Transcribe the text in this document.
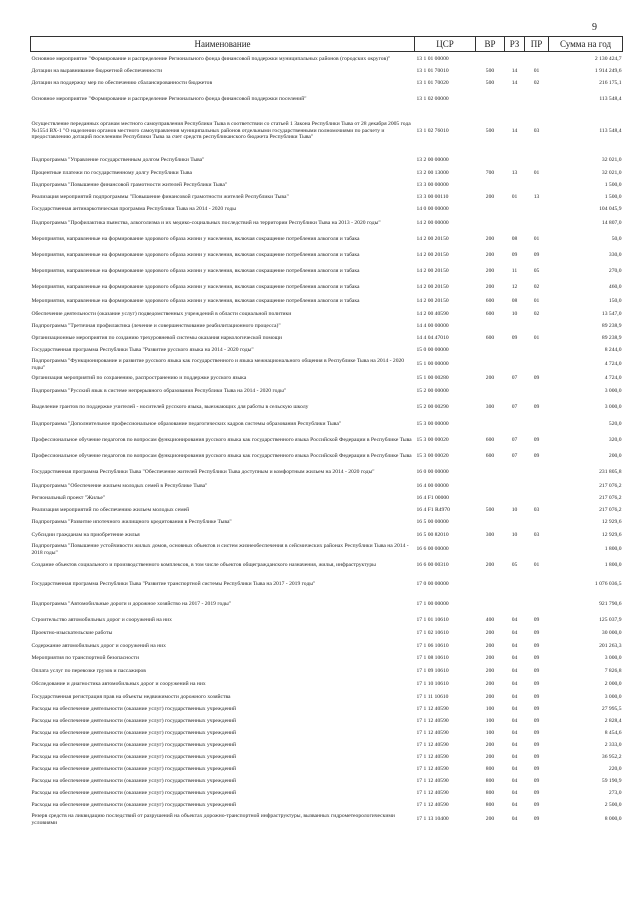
9
Наименование	ЦСР	ВР	РЗ	ПР	Сумма на год
Основное мероприятие "Формирование и распределение Регионального фонда финансовой поддержки муниципальных районов (городских округов)"	13 1 01 00000				2 130 424,7
Дотации на выравнивание бюджетной обеспеченности	13 1 01 70010	500	14	01	1 914 249,6
Дотации на поддержку мер по обеспечению сбалансированности бюджетов	13 1 01 70020	500	14	02	216 175,1
Основное мероприятие "Формирование и распределение Регионального фонда финансовой поддержки поселений"	13 1 02 00000				113 548,4
Осуществление переданных органам местного самоуправления Республики Тыва в соответствии со статьей 1 Закона Республики Тыва от 28 декабря 2005 года №1554 ВХ-1 "О наделении органов местного самоуправления муниципальных районов отдельными государственными полномочиями по расчету и предоставлению дотаций поселениям Республики Тыва за счет средств республиканского бюджета Республики Тыва"	13 1 02 76010	500	14	03	113 548,4
Подпрограмма "Управление государственным долгом Республики Тыва"	13 2 00 00000				32 021,0
Процентные платежи по государственному долгу Республики Тыва	13 2 00 13000	700	13	01	32 021,0
Подпрограмма "Повышение финансовой грамотности жителей Республики Тыва"	13 3 00 00000				1 500,0
Реализация мероприятий подпрограммы "Повышение финансовой грамотности жителей Республики Тыва"	13 3 00 00110	200	01	13	1 500,0
Государственная антинаркотическая программа Республики Тыва на 2014 - 2020 годы	14 0 00 00000				104 045,9
Подпрограмма "Профилактика пьянства, алкоголизма и их медико-социальных последствий на территории Республики Тыва на 2013 - 2020 годы"	14 2 00 00000				14 807,0
Мероприятия, направленные на формирование здорового образа жизни у населения, включая сокращение потребления алкоголя и табака	14 2 00 20150	200	08	01	50,0
Мероприятия, направленные на формирование здорового образа жизни у населения, включая сокращение потребления алкоголя и табака	14 2 00 20150	200	09	09	330,0
Мероприятия, направленные на формирование здорового образа жизни у населения, включая сокращение потребления алкоголя и табака	14 2 00 20150	200	11	05	270,0
Мероприятия, направленные на формирование здорового образа жизни у населения, включая сокращение потребления алкоголя и табака	14 2 00 20150	200	12	02	460,0
Мероприятия, направленные на формирование здорового образа жизни у населения, включая сокращение потребления алкоголя и табака	14 2 00 20150	600	08	01	150,0
Обеспечение деятельности (оказание услуг) подведомственных учреждений в области социальной политики	14 2 00 40590	600	10	02	13 547,0
Подпрограмма "Третичная профилактика (лечение и совершенствование реабилитационного процесса)"	14 4 00 00000				89 238,9
Организационные мероприятия по созданию трехуровневой системы оказания наркологической помощи	14 4 04 47010	600	09	01	89 238,9
Государственная программа Республики Тыва "Развитие русского языка на 2014 - 2020 годы"	15 0 00 00000				8 244,0
Подпрограмма "Функционирование и развитие русского языка как государственного и языка межнационального общения в Республике Тыва на 2014 - 2020 годы"	15 1 00 00000				4 724,0
Организация мероприятий по сохранению, распространению и поддержке русского языка	15 1 00 00280	200	07	09	4 724,0
Подпрограмма "Русский язык в системе непрерывного образования Республики Тыва на 2014 - 2020 годы"	15 2 00 00000				3 000,0
Выделение грантов по поддержке учителей - носителей русского языка, выезжающих для работы в сельскую школу	15 2 00 00290	300	07	09	3 000,0
Подпрограмма "Дополнительное профессиональное образование педагогических кадров системы образования Республики Тыва"	15 3 00 00000				520,0
Профессиональное обучение педагогов по вопросам функционирования русского языка как государственного языка Российской Федерации в Республике Тыва	15 3 00 00020	600	07	09	320,0
Профессиональное обучение педагогов по вопросам функционирования русского языка как государственного языка Российской Федерации в Республике Тыва	15 3 00 00020	600	07	09	200,0
Государственная программа Республики Тыва "Обеспечение жителей Республики Тыва доступным и комфортным жильем на 2014 - 2020 годы"	16 0 00 00000				231 805,8
Подпрограмма "Обеспечение жильем молодых семей в Республике Тыва"	16 4 00 00000				217 076,2
Региональный проект "Жилье"	16 4 F1 00000				217 076,2
Реализация мероприятий по обеспечению жильем молодых семей	16 4 F1 R4970	500	10	03	217 076,2
Подпрограмма "Развитие ипотечного жилищного кредитования в Республике Тыва"	16 5 00 00000				12 929,6
Субсидии гражданам на приобретение жилья	16 5 00 82010	300	10	03	12 929,6
Подпрограмма "Повышение устойчивости жилых домов, основных объектов и систем жизнеобеспечения в сейсмических районах Республики Тыва на 2014 - 2018 годы"	16 6 00 00000				1 800,0
Создание объектов социального и производственного комплексов, в том числе объектов общегражданского назначения, жилья, инфраструктуры	16 6 00 00310	200	05	01	1 800,0
Государственная программа Республики Тыва "Развитие транспортной системы Республики Тыва на 2017 - 2019 годы"	17 0 00 00000				1 076 036,5
Подпрограмма "Автомобильные дороги и дорожное хозяйство на 2017 - 2019 годы"	17 1 00 00000				921 790,6
Строительство автомобильных дорог и сооружений на них	17 1 01 10610	400	04	09	125 037,9
Проектно-изыскательские работы	17 1 02 10610	200	04	09	30 000,0
Содержание автомобильных дорог и сооружений на них	17 1 06 10610	200	04	09	201 263,3
Мероприятия по транспортной безопасности	17 1 08 10610	200	04	09	3 000,0
Оплата услуг по перевозке грузов и пассажиров	17 1 09 10610	200	04	09	7 826,8
Обследование и диагностика автомобильных дорог и сооружений на них	17 1 10 10610	200	04	09	2 000,0
Государственная регистрация прав на объекты недвижимости дорожного хозяйства	17 1 11 10610	200	04	09	3 000,0
Расходы на обеспечение деятельности (оказание услуг) государственных учреждений	17 1 12 40590	100	04	09	27 995,5
Расходы на обеспечение деятельности (оказание услуг) государственных учреждений	17 1 12 40590	100	04	09	2 828,4
Расходы на обеспечение деятельности (оказание услуг) государственных учреждений	17 1 12 40590	100	04	09	8 454,6
Расходы на обеспечение деятельности (оказание услуг) государственных учреждений	17 1 12 40590	200	04	09	2 333,0
Расходы на обеспечение деятельности (оказание услуг) государственных учреждений	17 1 12 40590	200	04	09	36 952,2
Расходы на обеспечение деятельности (оказание услуг) государственных учреждений	17 1 12 40590	800	04	09	220,0
Расходы на обеспечение деятельности (оказание услуг) государственных учреждений	17 1 12 40590	800	04	09	59 190,9
Расходы на обеспечение деятельности (оказание услуг) государственных учреждений	17 1 12 40590	800	04	09	273,0
Расходы на обеспечение деятельности (оказание услуг) государственных учреждений	17 1 12 40590	800	04	09	2 500,0
Резерв средств на ликвидацию последствий от разрушений на объектах дорожно-транспортной инфраструктуры, вызванных гидрометеорологическими условиями	17 1 13 10400	200	04	09	8 000,0
